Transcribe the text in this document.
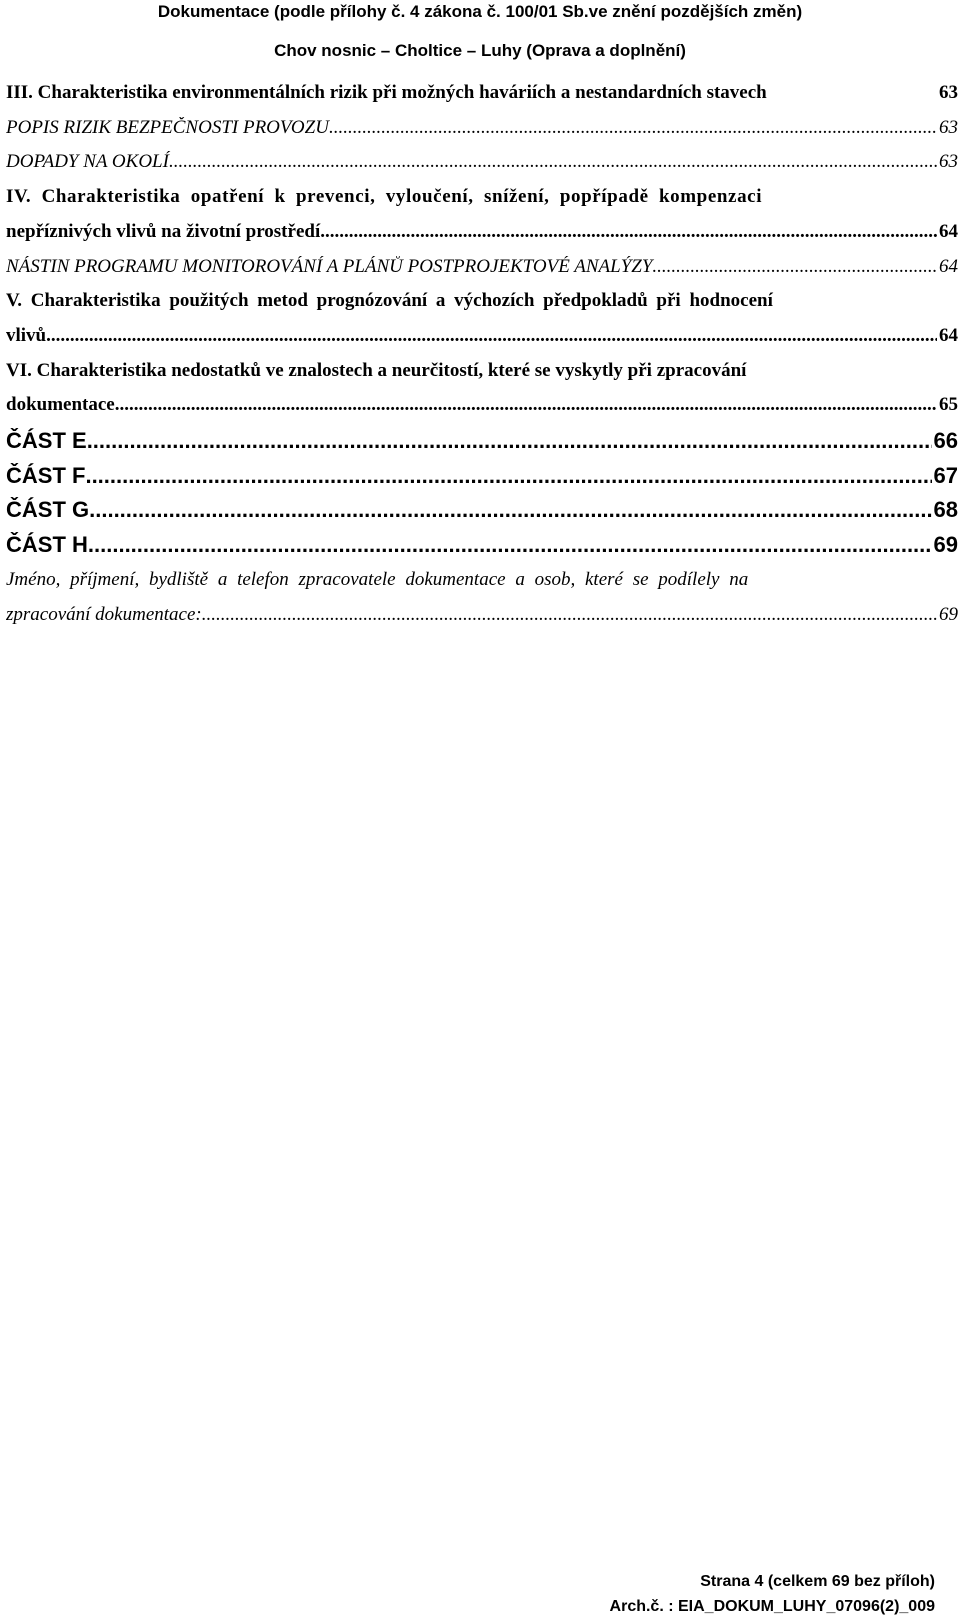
Dokumentace (podle přílohy č. 4 zákona č. 100/01 Sb.ve znění pozdějších změn)
Chov nosnic – Choltice – Luhy (Oprava a doplnění)
III. Charakteristika environmentálních rizik při možných haváriích a nestandardních stavech	63
POPIS RIZIK BEZPEČNOSTI PROVOZU .....	63
DOPADY NA OKOLÍ .....	63
IV. Charakteristika opatření k prevenci, vyloučení, snížení, popřípadě kompenzaci
nepříznivých vlivů na životní prostředí .....	64
NÁSTIN PROGRAMU MONITOROVÁNÍ A PLÁNŮ POSTPROJEKTOVÉ ANALÝZY .....	64
V. Charakteristika použitých metod prognózování a výchozích předpokladů při hodnocení
vlivů .....	64
VI. Charakteristika nedostatků ve znalostech a neurčitostí, které se vyskytly při zpracování
dokumentace .....	65
ČÁST E .....	66
ČÁST F .....	67
ČÁST G .....	68
ČÁST H .....	69
Jméno, příjmení, bydliště a telefon zpracovatele dokumentace a osob, které se podílely na
zpracování dokumentace: .....	69
Strana 4 (celkem 69 bez příloh)
Arch.č. : EIA_DOKUM_LUHY_07096(2)_009
